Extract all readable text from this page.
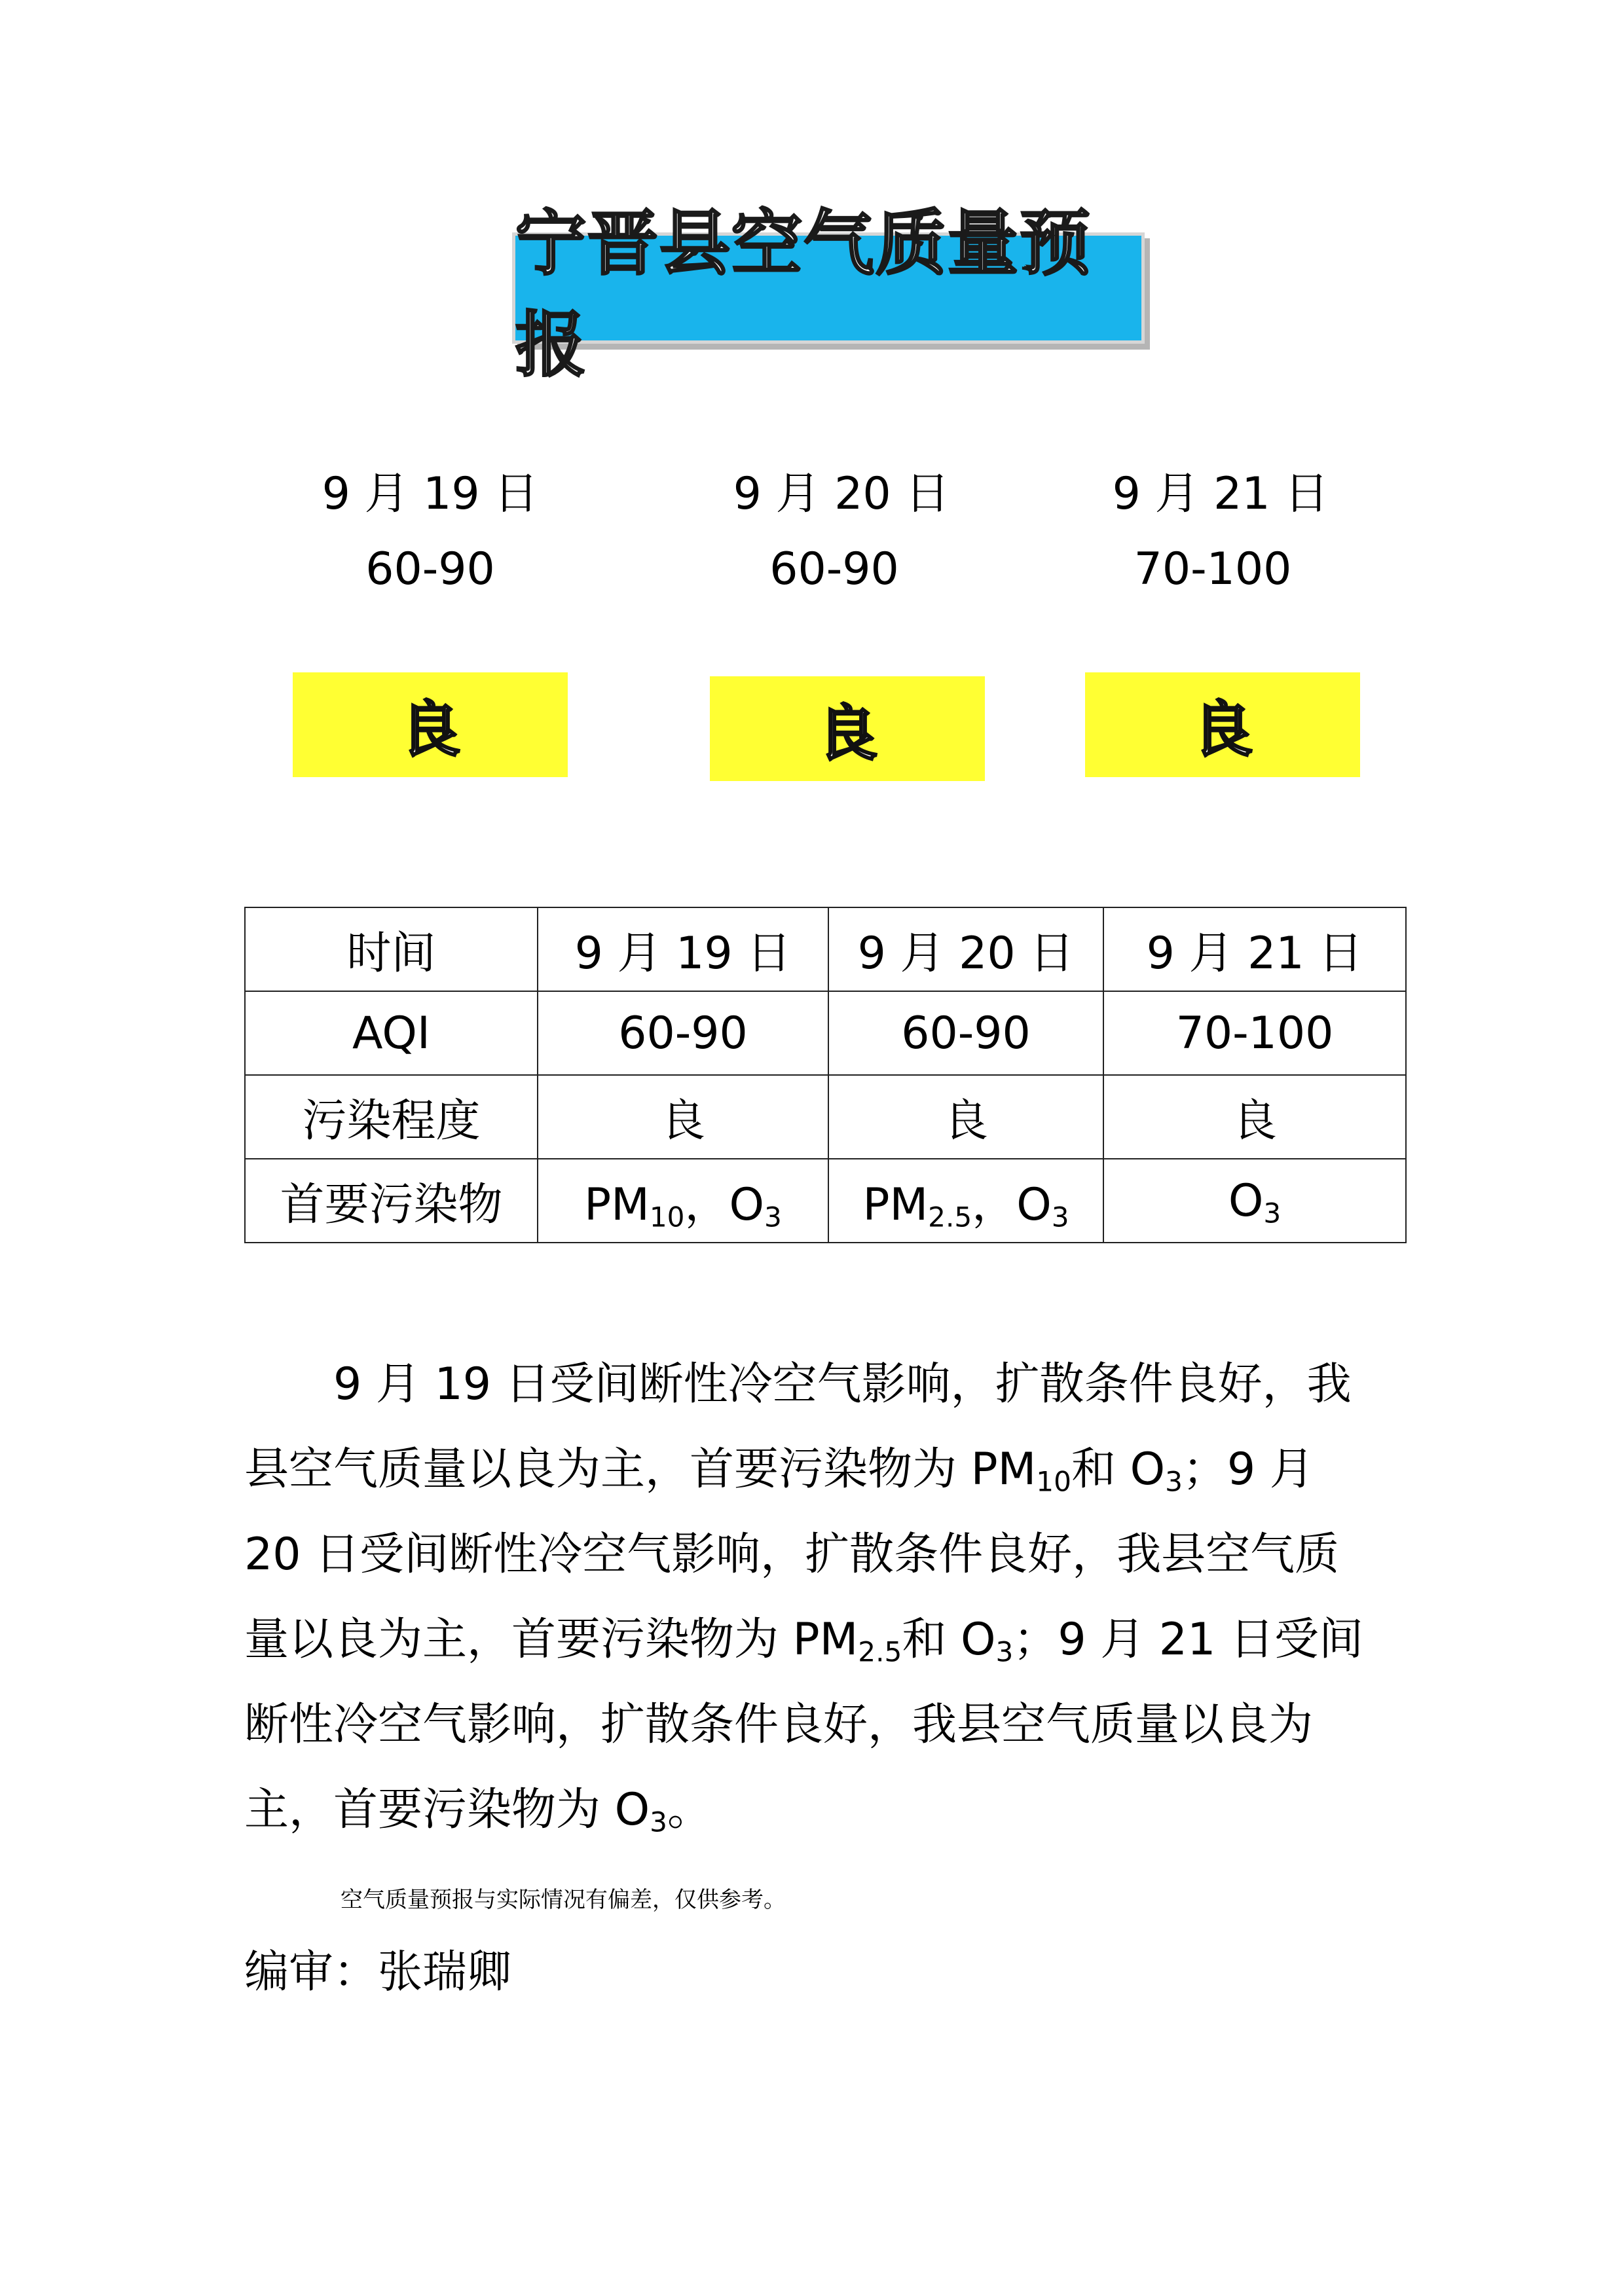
宁晋县空气质量预报
9 月 19 日
60-90
良
9 月 20 日
60-90
良
9 月 21 日
70-100
良
时间	9 月 19 日	9 月 20 日	9 月 21 日
AQI	60-90	60-90	70-100
污染程度	良	良	良
首要污染物	$PM_{10}$，$O_3$	$PM_{2.5}$，$O_3$	$O_3$

9 月 19 日受间断性冷空气影响，扩散条件良好，我县空气质量以良为主，首要污染物为 $PM_{10}$和 $O_3$；9 月 20 日受间断性冷空气影响，扩散条件良好，我县空气质量以良为主，首要污染物为 $PM_{2.5}$和 $O_3$；9 月 21 日受间断性冷空气影响，扩散条件良好，我县空气质量以良为主，首要污染物为 $O_3$。

空气质量预报与实际情况有偏差，仅供参考。
编审：张瑞卿
